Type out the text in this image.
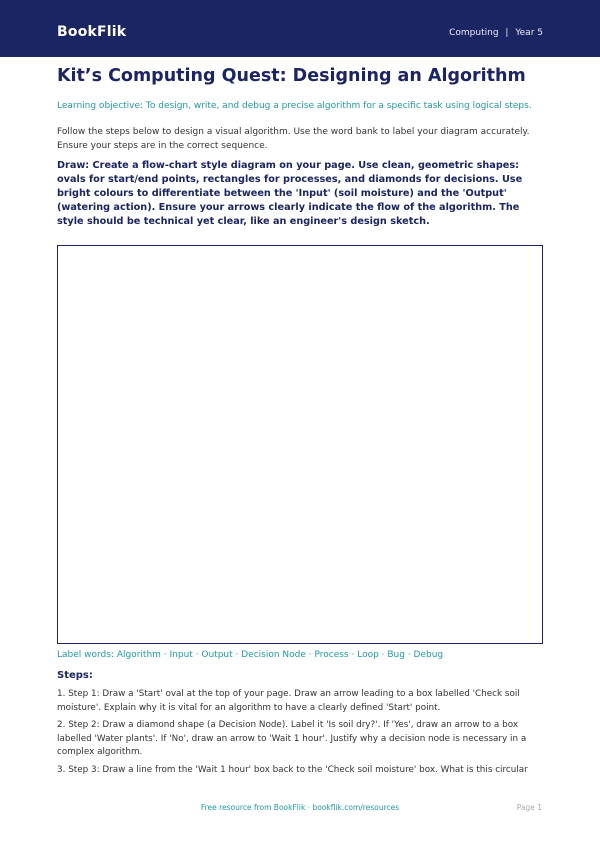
BookFlik	Computing | Year 5
Kit’s Computing Quest: Designing an Algorithm
Learning objective: To design, write, and debug a precise algorithm for a specific task using logical steps.
Follow the steps below to design a visual algorithm. Use the word bank to label your diagram accurately. Ensure your steps are in the correct sequence.
Draw: Create a flow-chart style diagram on your page. Use clean, geometric shapes: ovals for start/end points, rectangles for processes, and diamonds for decisions. Use bright colours to differentiate between the 'Input' (soil moisture) and the 'Output' (watering action). Ensure your arrows clearly indicate the flow of the algorithm. The style should be technical yet clear, like an engineer's design sketch.
Label words: Algorithm · Input · Output · Decision Node · Process · Loop · Bug · Debug
Steps:

1. Step 1: Draw a 'Start' oval at the top of your page. Draw an arrow leading to a box labelled 'Check soil moisture'. Explain why it is vital for an algorithm to have a clearly defined 'Start' point.

2. Step 2: Draw a diamond shape (a Decision Node). Label it 'Is soil dry?'. If 'Yes', draw an arrow to a box labelled 'Water plants'. If 'No', draw an arrow to 'Wait 1 hour'. Justify why a decision node is necessary in a complex algorithm.

3. Step 3: Draw a line from the 'Wait 1 hour' box back to the 'Check soil moisture' box. What is this circular

Free resource from BookFlik · bookflik.com/resources	Page 1
